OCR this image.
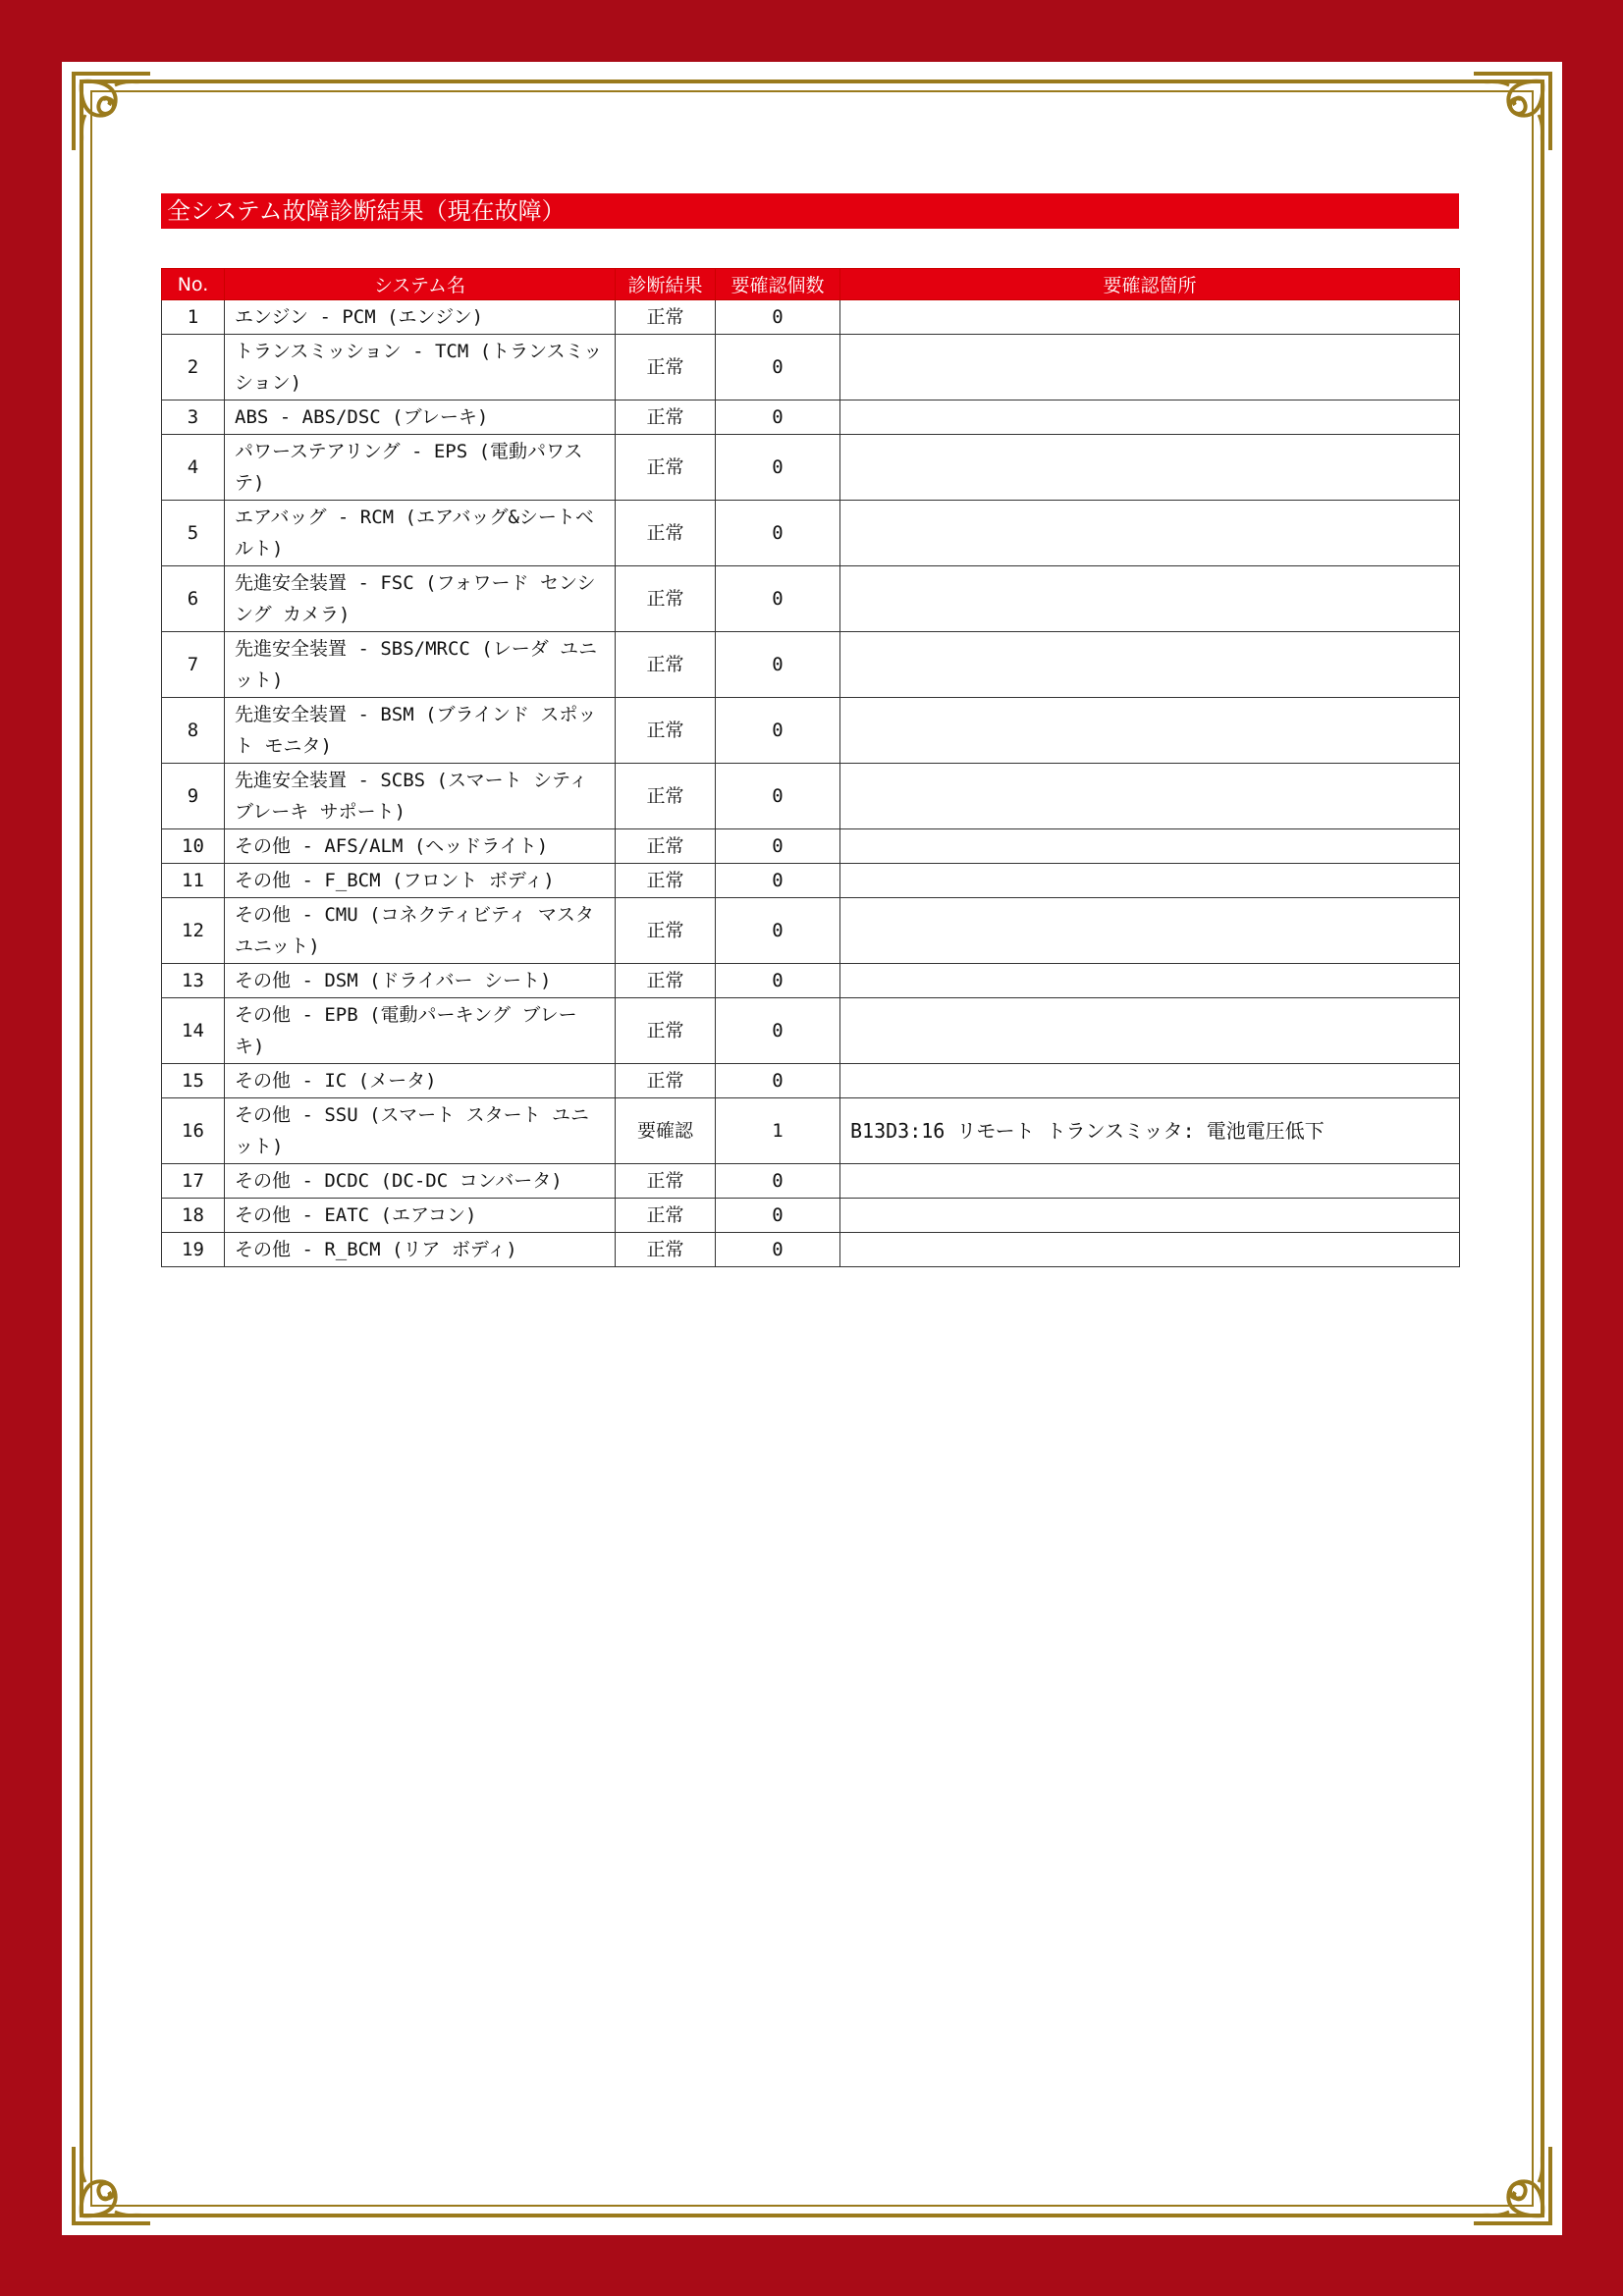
全システム故障診断結果（現在故障）
No.	システム名	診断結果	要確認個数	要確認箇所
1	エンジン - PCM (エンジン)	正常	0	
2	トランスミッション - TCM (トランスミッション)	正常	0	
3	ABS - ABS/DSC (ブレーキ)	正常	0	
4	パワーステアリング - EPS (電動パワステ)	正常	0	
5	エアバッグ - RCM (エアバッグ&シートベルト)	正常	0	
6	先進安全装置 - FSC (フォワード センシング カメラ)	正常	0	
7	先進安全装置 - SBS/MRCC (レーダ ユニット)	正常	0	
8	先進安全装置 - BSM (ブラインド スポット モニタ)	正常	0	
9	先進安全装置 - SCBS (スマート シティ ブレーキ サポート)	正常	0	
10	その他 - AFS/ALM (ヘッドライト)	正常	0	
11	その他 - F_BCM (フロント ボディ)	正常	0	
12	その他 - CMU (コネクティビティ マスタ ユニット)	正常	0	
13	その他 - DSM (ドライバー シート)	正常	0	
14	その他 - EPB (電動パーキング ブレーキ)	正常	0	
15	その他 - IC (メータ)	正常	0	
16	その他 - SSU (スマート スタート ユニット)	要確認	1	B13D3:16 リモート トランスミッタ: 電池電圧低下
17	その他 - DCDC (DC-DC コンバータ)	正常	0	
18	その他 - EATC (エアコン)	正常	0	
19	その他 - R_BCM (リア ボディ)	正常	0	
